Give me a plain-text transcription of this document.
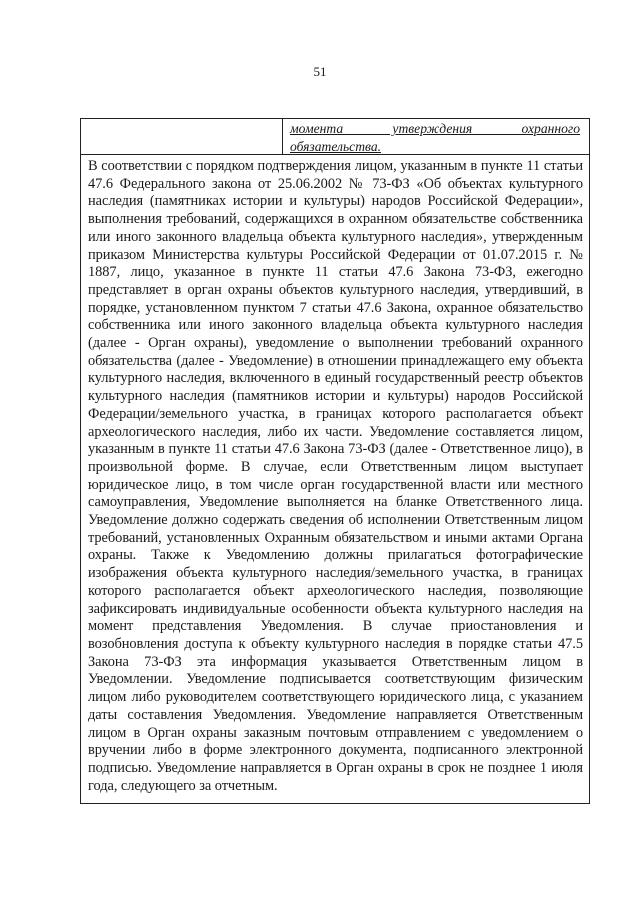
51
момента утверждения охранного
обязательства.
В соответствии с порядком подтверждения лицом, указанным в пункте 11 статьи 47.6 Федерального закона от 25.06.2002 № 73-ФЗ «Об объектах культурного наследия (памятниках истории и культуры) народов Российской Федерации», выполнения требований, содержащихся в охранном обязательстве собственника или иного законного владельца объекта культурного наследия», утвержденным приказом Министерства культуры Российской Федерации от 01.07.2015 г. № 1887, лицо, указанное в пункте 11 статьи 47.6 Закона 73-ФЗ, ежегодно представляет в орган охраны объектов культурного наследия, утвердивший, в порядке, установленном пунктом 7 статьи 47.6 Закона, охранное обязательство собственника или иного законного владельца объекта культурного наследия (далее - Орган охраны), уведомление о выполнении требований охранного обязательства (далее - Уведомление) в отношении принадлежащего ему объекта культурного наследия, включенного в единый государственный реестр объектов культурного наследия (памятников истории и культуры) народов Российской Федерации/земельного участка, в границах которого располагается объект археологического наследия, либо их части. Уведомление составляется лицом, указанным в пункте 11 статьи 47.6 Закона 73-ФЗ (далее - Ответственное лицо), в произвольной форме. В случае, если Ответственным лицом выступает юридическое лицо, в том числе орган государственной власти или местного самоуправления, Уведомление выполняется на бланке Ответственного лица. Уведомление должно содержать сведения об исполнении Ответственным лицом требований, установленных Охранным обязательством и иными актами Органа охраны. Также к Уведомлению должны прилагаться фотографические изображения объекта культурного наследия/земельного участка, в границах которого располагается объект археологического наследия, позволяющие зафиксировать индивидуальные особенности объекта культурного наследия на момент представления Уведомления. В случае приостановления и возобновления доступа к объекту культурного наследия в порядке статьи 47.5 Закона 73-ФЗ эта информация указывается Ответственным лицом в Уведомлении. Уведомление подписывается соответствующим физическим лицом либо руководителем соответствующего юридического лица, с указанием даты составления Уведомления. Уведомление направляется Ответственным лицом в Орган охраны заказным почтовым отправлением с уведомлением о вручении либо в форме электронного документа, подписанного электронной подписью. Уведомление направляется в Орган охраны в срок не позднее 1 июля года, следующего за отчетным.
